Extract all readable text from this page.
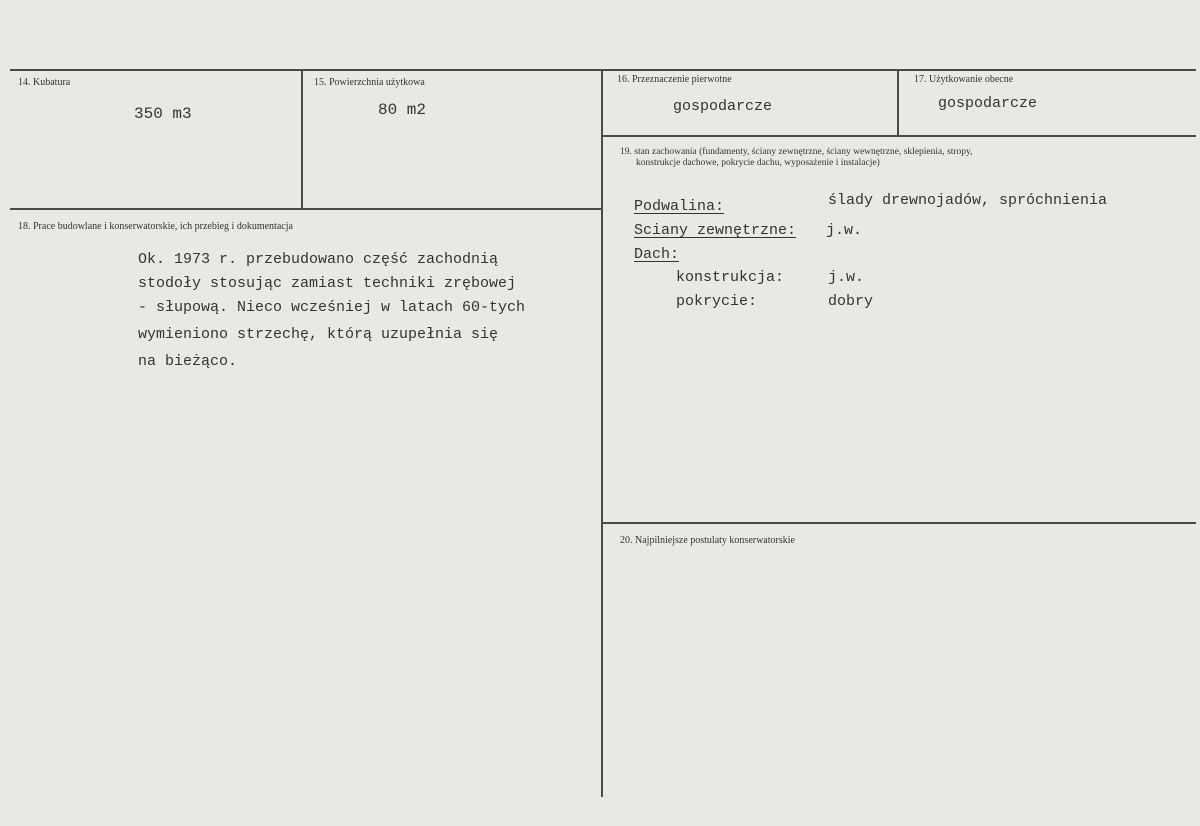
14. Kubatura
350 m3
15. Powierzchnia użytkowa
80 m2
16. Przeznaczenie pierwotne
gospodarcze
17. Użytkowanie obecne
gospodarcze
18. Prace budowlane i konserwatorskie, ich przebieg i dokumentacja
Ok. 1973 r. przebudowano część zachodnią
stodoły stosując zamiast techniki zrębowej
- słupową. Nieco wcześniej w latach 60-tych
wymieniono strzechę, którą uzupełnia się
na bieżąco.
19. stan zachowania (fundamenty, ściany zewnętrzne, ściany wewnętrzne, sklepienia, stropy,
konstrukcje dachowe, pokrycie dachu, wyposażenie i instalacje)
Podwalina:	ślady drewnojadów, spróchnienia
Sciany zewnętrzne: j.w.
Dach:
konstrukcja:	j.w.
pokrycie:	dobry
20. Najpilniejsze postulaty konserwatorskie
